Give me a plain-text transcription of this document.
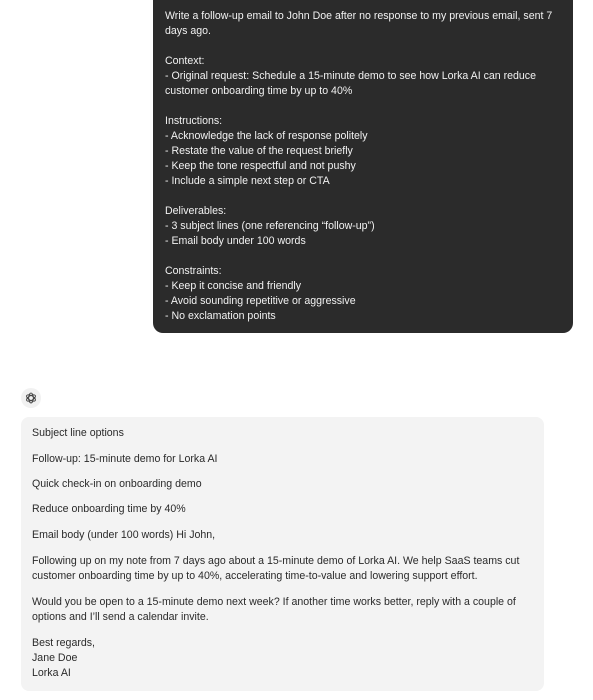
Write a follow-up email to John Doe after no response to my previous email, sent 7
days ago.
Context:
- Original request: Schedule a 15-minute demo to see how Lorka AI can reduce
customer onboarding time by up to 40%
Instructions:
- Acknowledge the lack of response politely
- Restate the value of the request briefly
- Keep the tone respectful and not pushy
- Include a simple next step or CTA
Deliverables:
- 3 subject lines (one referencing “follow-up”)
- Email body under 100 words
Constraints:
- Keep it concise and friendly
- Avoid sounding repetitive or aggressive
- No exclamation points

Subject line options

Follow-up: 15-minute demo for Lorka AI

Quick check-in on onboarding demo

Reduce onboarding time by 40%

Email body (under 100 words) Hi John,

Following up on my note from 7 days ago about a 15-minute demo of Lorka AI. We help SaaS teams cut customer onboarding time by up to 40%, accelerating time-to-value and lowering support effort.

Would you be open to a 15-minute demo next week? If another time works better, reply with a couple of options and I’ll send a calendar invite.

Best regards,

Jane Doe

Lorka AI
